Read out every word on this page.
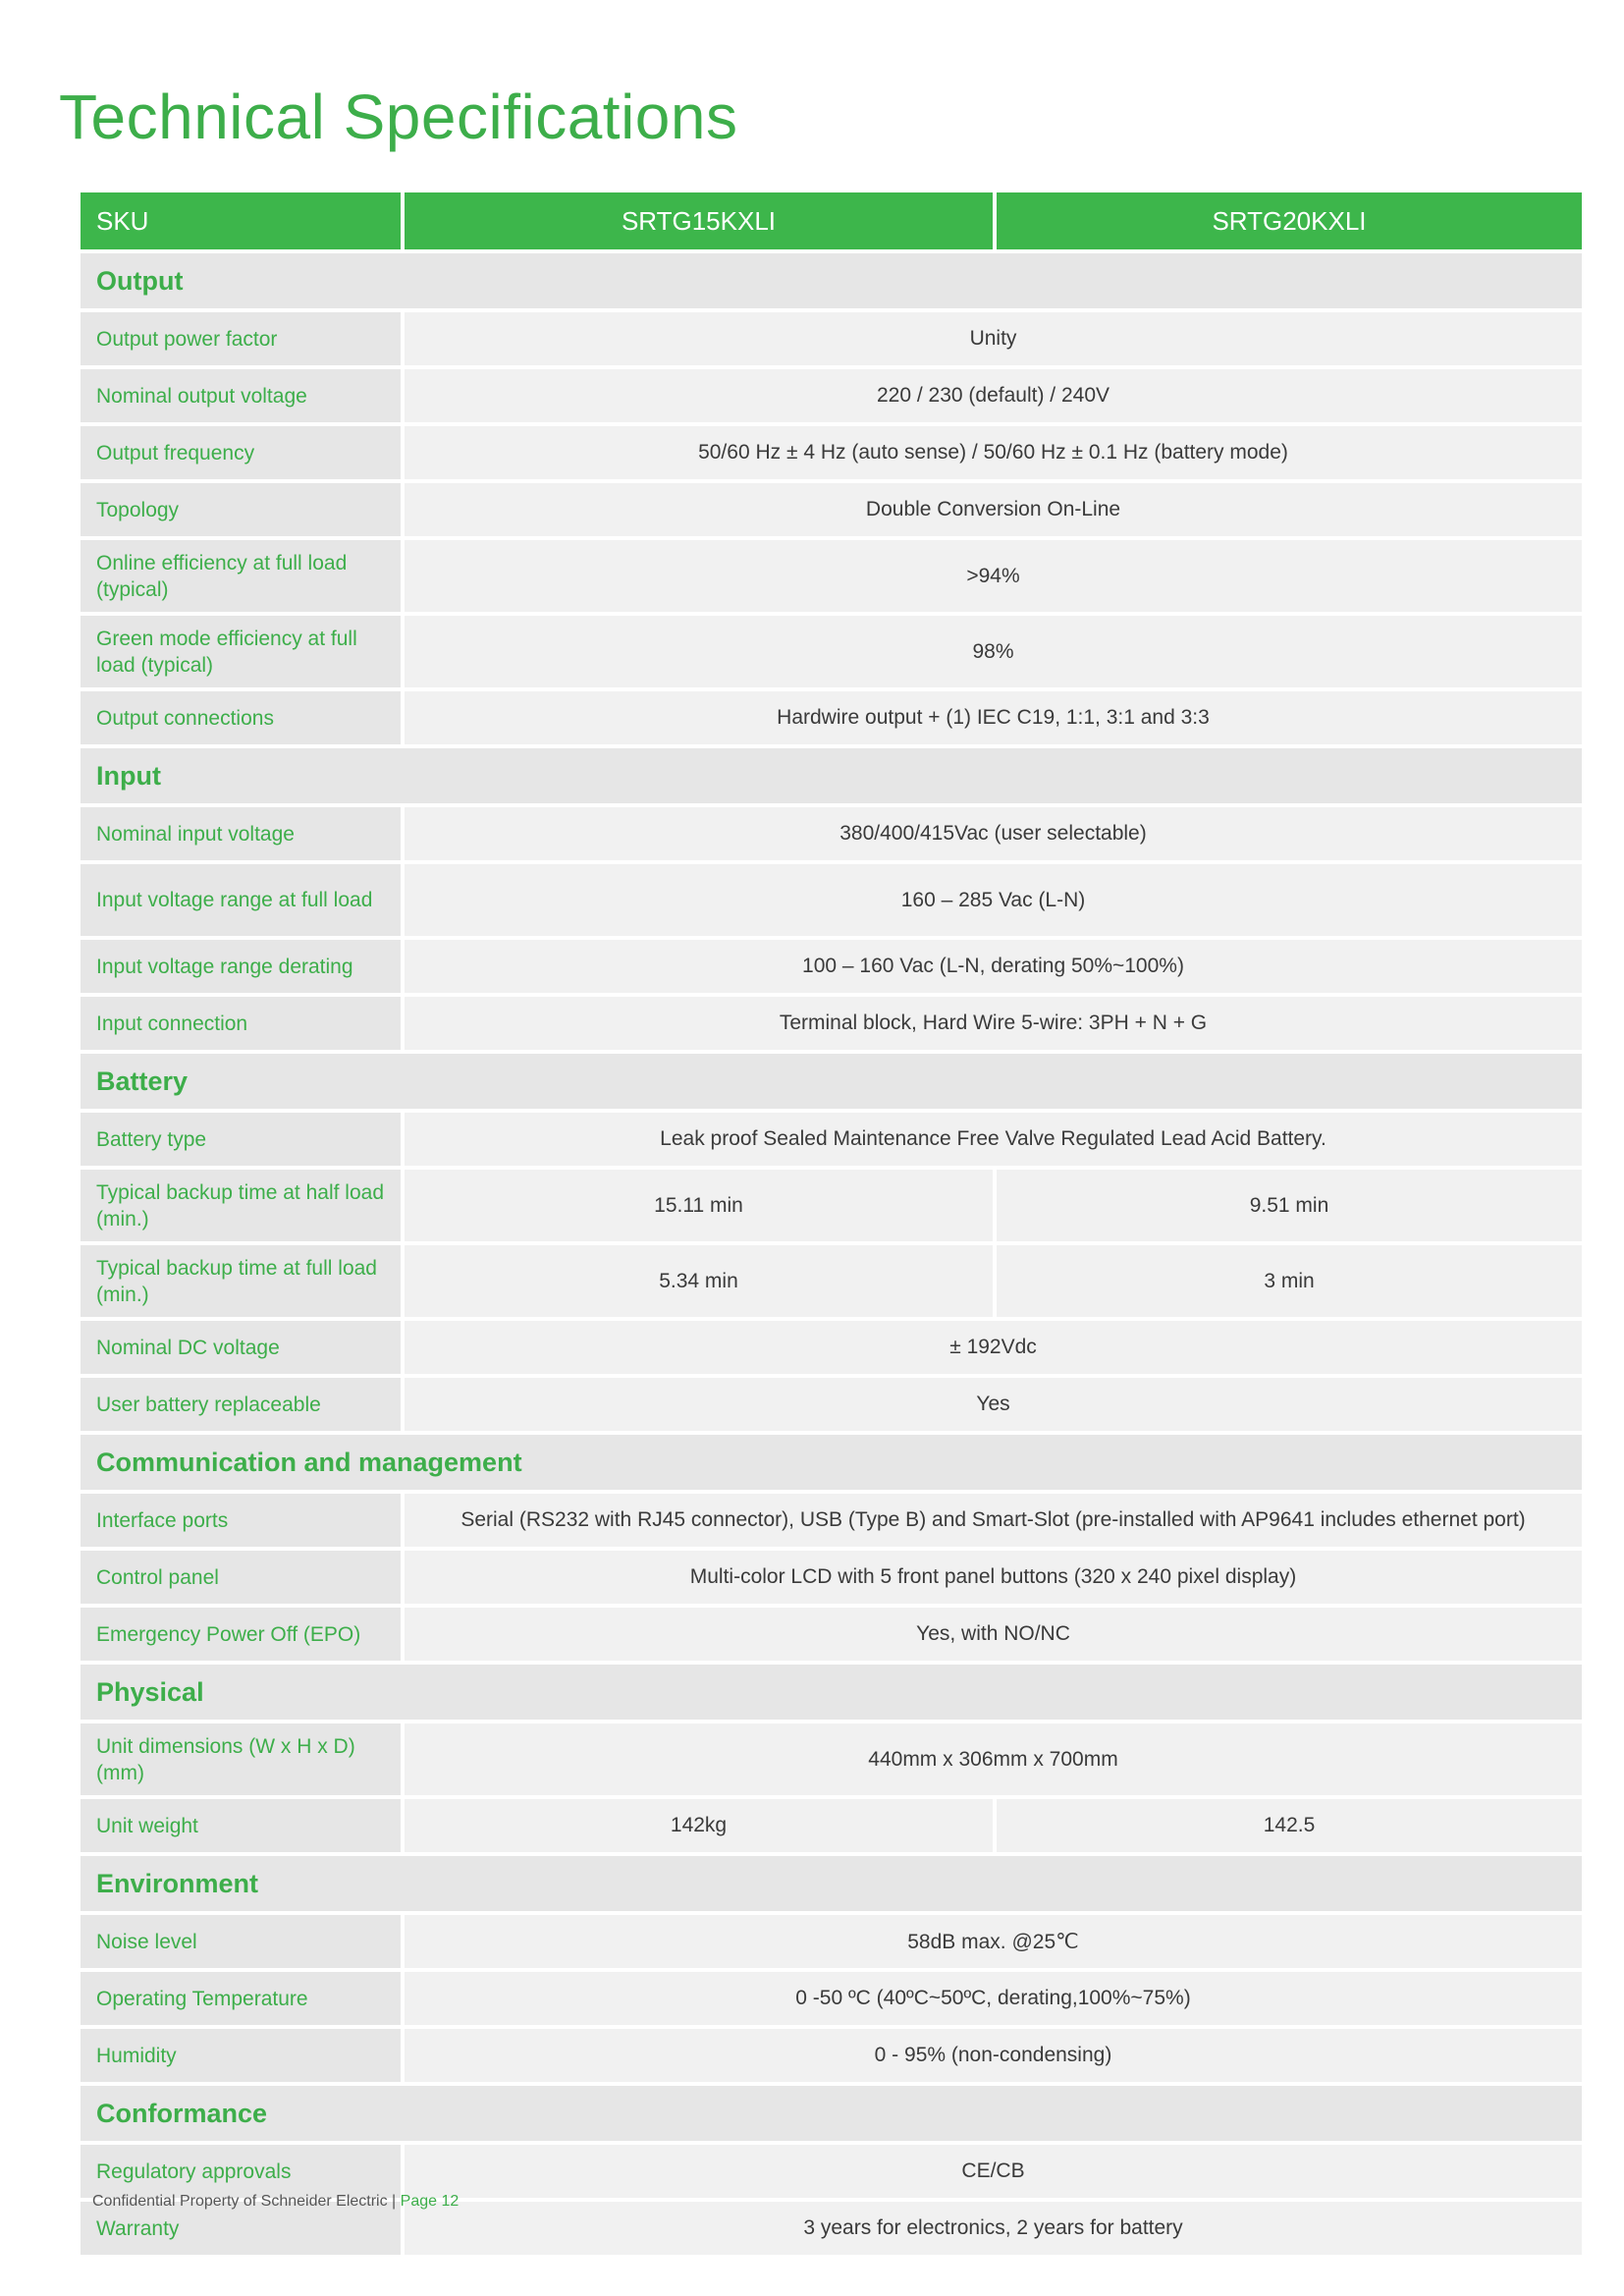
Technical Specifications
SKU	SRTG15KXLI	SRTG20KXLI
Output		
Output power factor	Unity	
Nominal output voltage	220 / 230 (default) / 240V	
Output frequency	50/60 Hz ± 4 Hz (auto sense) / 50/60 Hz ± 0.1 Hz (battery mode)	
Topology	Double Conversion On-Line	
Online efficiency at full load (typical)	>94%	
Green mode efficiency at full load (typical)	98%	
Output connections	Hardwire output + (1) IEC C19, 1:1, 3:1 and 3:3	
Input		
Nominal input voltage	380/400/415Vac (user selectable)	
Input voltage range at full load	160 – 285 Vac (L-N)	
Input voltage range derating	100 – 160 Vac (L-N, derating 50%~100%)	
Input connection	Terminal block, Hard Wire 5-wire: 3PH + N + G	
Battery		
Battery type	Leak proof Sealed Maintenance Free Valve Regulated Lead Acid Battery.	
Typical backup time at half load (min.)	15.11 min	9.51 min
Typical backup time at full load (min.)	5.34 min	3 min
Nominal DC voltage	± 192Vdc	
User battery replaceable	Yes	
Communication and management		
Interface ports	Serial (RS232 with RJ45 connector), USB (Type B) and Smart-Slot (pre-installed with AP9641 includes ethernet port)	
Control panel	Multi-color LCD with 5 front panel buttons (320 x 240 pixel display)	
Emergency Power Off (EPO)	Yes, with NO/NC	
Physical		
Unit dimensions (W x H x D) (mm)	440mm x 306mm x 700mm	
Unit weight	142kg	142.5
Environment		
Noise level	58dB max. @25℃	
Operating Temperature	0 -50 ºC (40ºC~50ºC, derating,100%~75%)	
Humidity	0 - 95% (non-condensing)	
Conformance		
Regulatory approvals	CE/CB	
Warranty	3 years for electronics, 2 years for battery	
Confidential Property of Schneider Electric | Page 12
